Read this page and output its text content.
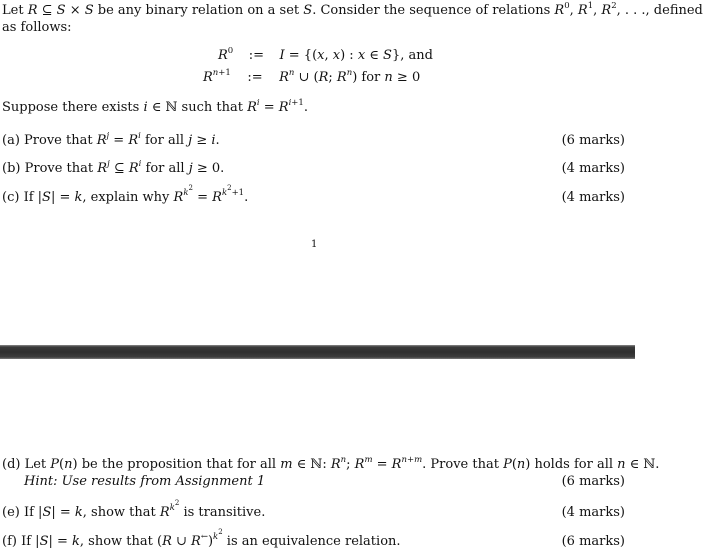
Let R ⊆ S × S be any binary relation on a set S. Consider the sequence of relations $R^0$, $R^1$, $R^2$, . . ., defined
as follows:
$R^0$ := I = {(x, x) : x ∈ S}, and
$R^{n+1}$ := $R^n$ ∪ (R; $R^n$) for n ≥ 0
Suppose there exists i ∈ ℕ such that $R^i = R^{i+1}$.
(a) Prove that $R^j = R^i$ for all j ≥ i.	(6 marks)
(b) Prove that $R^j$ ⊆ $R^i$ for all j ≥ 0.	(4 marks)
(c) If |S| = k, explain why $R^{k^2} = R^{k^2+1}$.	(4 marks)
1
(d) Let P(n) be the proposition that for all m ∈ ℕ: $R^n$; $R^m = R^{n+m}$. Prove that P(n) holds for all n ∈ ℕ.
Hint: Use results from Assignment 1	(6 marks)
(e) If |S| = k, show that $R^{k^2}$ is transitive.	(4 marks)
(f) If |S| = k, show that (R ∪ R←)$^{k^2}$ is an equivalence relation.	(6 marks)
